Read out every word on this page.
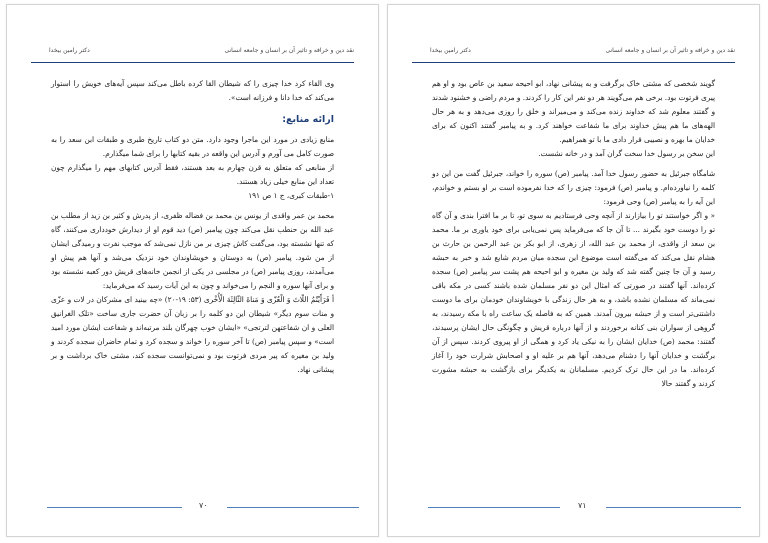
نقد دین و خرافه و تاثیر آن بر انسان و جامعه انسانی
دکتر رامین بیخدا

وی القاء کرد خدا چیزی را که شیطان القا کرده باطل می‌کند سپس آیه‌های خویش را استوار می‌کند که خدا دانا و فرزانه است».

ارائه منابع:

منابع زیادی در مورد این ماجرا وجود دارد. متن دو کتاب تاریخ طبری و طبقات ابن سعد را به صورت کامل می آورم و آدرس این واقعه در بقیه کتابها را برای شما میگذارم.

از منابعی که متعلق به قرن چهارم به بعد هستند، فقط آدرس کتابهای مهم را میگذارم چون تعداد این منابع خیلی زیاد هستند.

۱-طبقات کبری، ج ۱ ص ۱۹۱

محمد بن عمر واقدی از یونس بن محمد بن فضاله ظفری، از پدرش و کثیر بن زید از مطلب بن عبد الله بن حنطب نقل می‌کند چون پیامبر (ص) دید قوم او از دیدارش خودداری می‌کنند، گاه که تنها نشسته بود، می‌گفت کاش چیزی بر من نازل نمی‌شد که موجب نفرت و رمیدگی ایشان از من شود. پیامبر (ص) به دوستان و خویشاوندان خود نزدیک می‌شد و آنها هم پیش او می‌آمدند، روزی پیامبر (ص) در مجلسی در یکی از انجمن خانه‌های قریش دور کعبه نشسته بود و برای آنها سوره و النجم را می‌خواند و چون به این آیات رسید که می‌فرماید:

أ فَرَأَیْتُمُ اللّاتَ وَ الْعُزّى وَ مَناةَ الثّالِثَهَ الْأُخْرى (۵۳: ۱۹-۲۰) «چه بینید ای مشرکان در لات و عزّی و منات سوم دیگر» شیطان این دو کلمه را بر زبان آن حضرت جاری ساخت «تلک الغرانیق العلی و ان شفاعتهن لترتجی» «ایشان خوب چهرگان بلند مرتبه‌اند و شفاعت ایشان مورد امید است» و سپس پیامبر (ص) تا آخر سوره را خواند و سجده کرد و تمام حاضران سجده کردند و ولید بن مغیره که پیر مردی فرتوت بود و نمی‌توانست سجده کند، مشتی خاک برداشت و بر پیشانی نهاد.

۷۰
نقد دین و خرافه و تاثیر آن بر انسان و جامعه انسانی
دکتر رامین بیخدا

گویند شخصی که مشتی خاک برگرفت و به پیشانی نهاد، ابو احیحه سعید بن عاص بود و او هم پیری فرتوت بود. برخی هم می‌گویند هر دو نفر این کار را کردند. و مردم راضی و خشنود شدند و گفتند معلوم شد که خداوند زنده می‌کند و می‌میراند و خلق را روزی می‌دهد و به هر حال الهه‌های ما هم پیش خداوند برای ما شفاعت خواهند کرد. و به پیامبر گفتند اکنون که برای خدایان ما بهره و نصیبی قرار دادی ما با تو همراهیم.

این سخن بر رسول خدا سخت گران آمد و در خانه نشست.

شامگاه جبرئیل به حضور رسول خدا آمد. پیامبر (ص) سوره را خواند، جبرئیل گفت من این دو کلمه را نیاورده‌ام. و پیامبر (ص) فرمود: چیزی را که خدا نفرموده است بر او بستم و خواندم، این آیه را به پیامبر (ص) وحی فرمود:

« و اگر خواستند تو را بیازارند از آنچه وحی فرستادیم به سوی تو، تا بر ما افترا بندی و آن گاه تو را دوست خود بگیرند ... تا آن جا که می‌فرماید پس نمی‌یابی برای خود یاوری بر ما. محمد بن سعد از واقدی، از محمد بن عبد الله، از زهری، از ابو بکر بن عبد الرحمن بن حارث بن هشام نقل می‌کند که می‌گفته است موضوع این سجده میان مردم شایع شد و خبر به حبشه رسید و آن جا چنین گفته شد که ولید بن مغیره و ابو احیحه هم پشت سر پیامبر (ص) سجده کرده‌اند. آنها گفتند در صورتی که امثال این دو نفر مسلمان شده باشند کسی در مکه باقی نمی‌ماند که مسلمان نشده باشد، و به هر حال زندگی با خویشاوندان خودمان برای ما دوست داشتنی‌تر است و از حبشه بیرون آمدند. همین که به فاصله یک ساعت راه با مکه رسیدند، به گروهی از سواران بنی کنانه برخوردند و از آنها درباره قریش و چگونگی حال ایشان پرسیدند، گفتند: محمد (ص) خدایان ایشان را به نیکی یاد کرد و همگی از او پیروی کردند. سپس از آن برگشت و خدایان آنها را دشنام می‌دهد، آنها هم بر علیه او و اصحابش شرارت خود را آغاز کرده‌اند. ما در این حال ترک کردیم. مسلمانان به یکدیگر برای بازگشت به حبشه مشورت کردند و گفتند حالا

۷۱
